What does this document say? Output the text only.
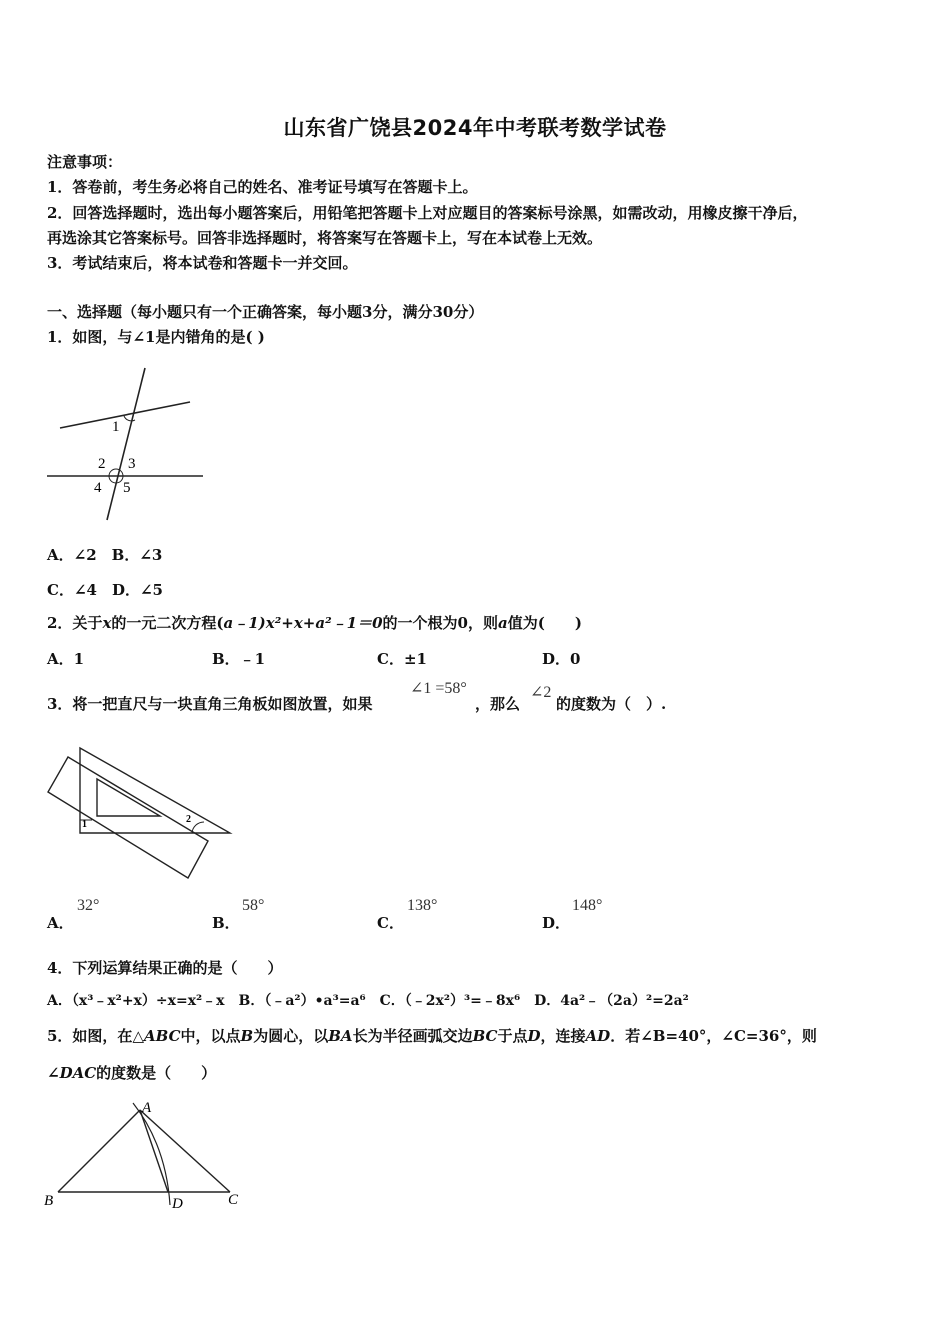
山东省广饶县2024年中考联考数学试卷
注意事项：
1．答卷前，考生务必将自己的姓名、准考证号填写在答题卡上。
2．回答选择题时，选出每小题答案后，用铅笔把答题卡上对应题目的答案标号涂黑，如需改动，用橡皮擦干净后，
再选涂其它答案标号。回答非选择题时，将答案写在答题卡上，写在本试卷上无效。
3．考试结束后，将本试卷和答题卡一并交回。
一、选择题（每小题只有一个正确答案，每小题3分，满分30分）
1．如图，与∠1是内错角的是( )
1
2 3
4 5
A．∠2　B．∠3
C．∠4　D．∠5
2．关于x的一元二次方程(a﹣1)x²+x+a²﹣1＝0的一个根为0，则a值为(　　)
A．1	B．﹣1	C．±1	D．0
3．将一把直尺与一块直角三角板如图放置，如果
∠1 =58°
，那么
∠2
的度数为（　）.
1	2
A．
32°
B．
58°
C．
138°
D．
148°
4．下列运算结果正确的是（　　）
A．（x³﹣x²+x）÷x=x²﹣x　B．（﹣a²）•a³=a⁶　C．（﹣2x²）³=﹣8x⁶　D．4a²﹣（2a）²=2a²
5．如图，在△ABC中，以点B为圆心，以BA长为半径画弧交边BC于点D，连接AD．若∠B=40°，∠C=36°，则
∠DAC的度数是（　　）
A
B	D	C
